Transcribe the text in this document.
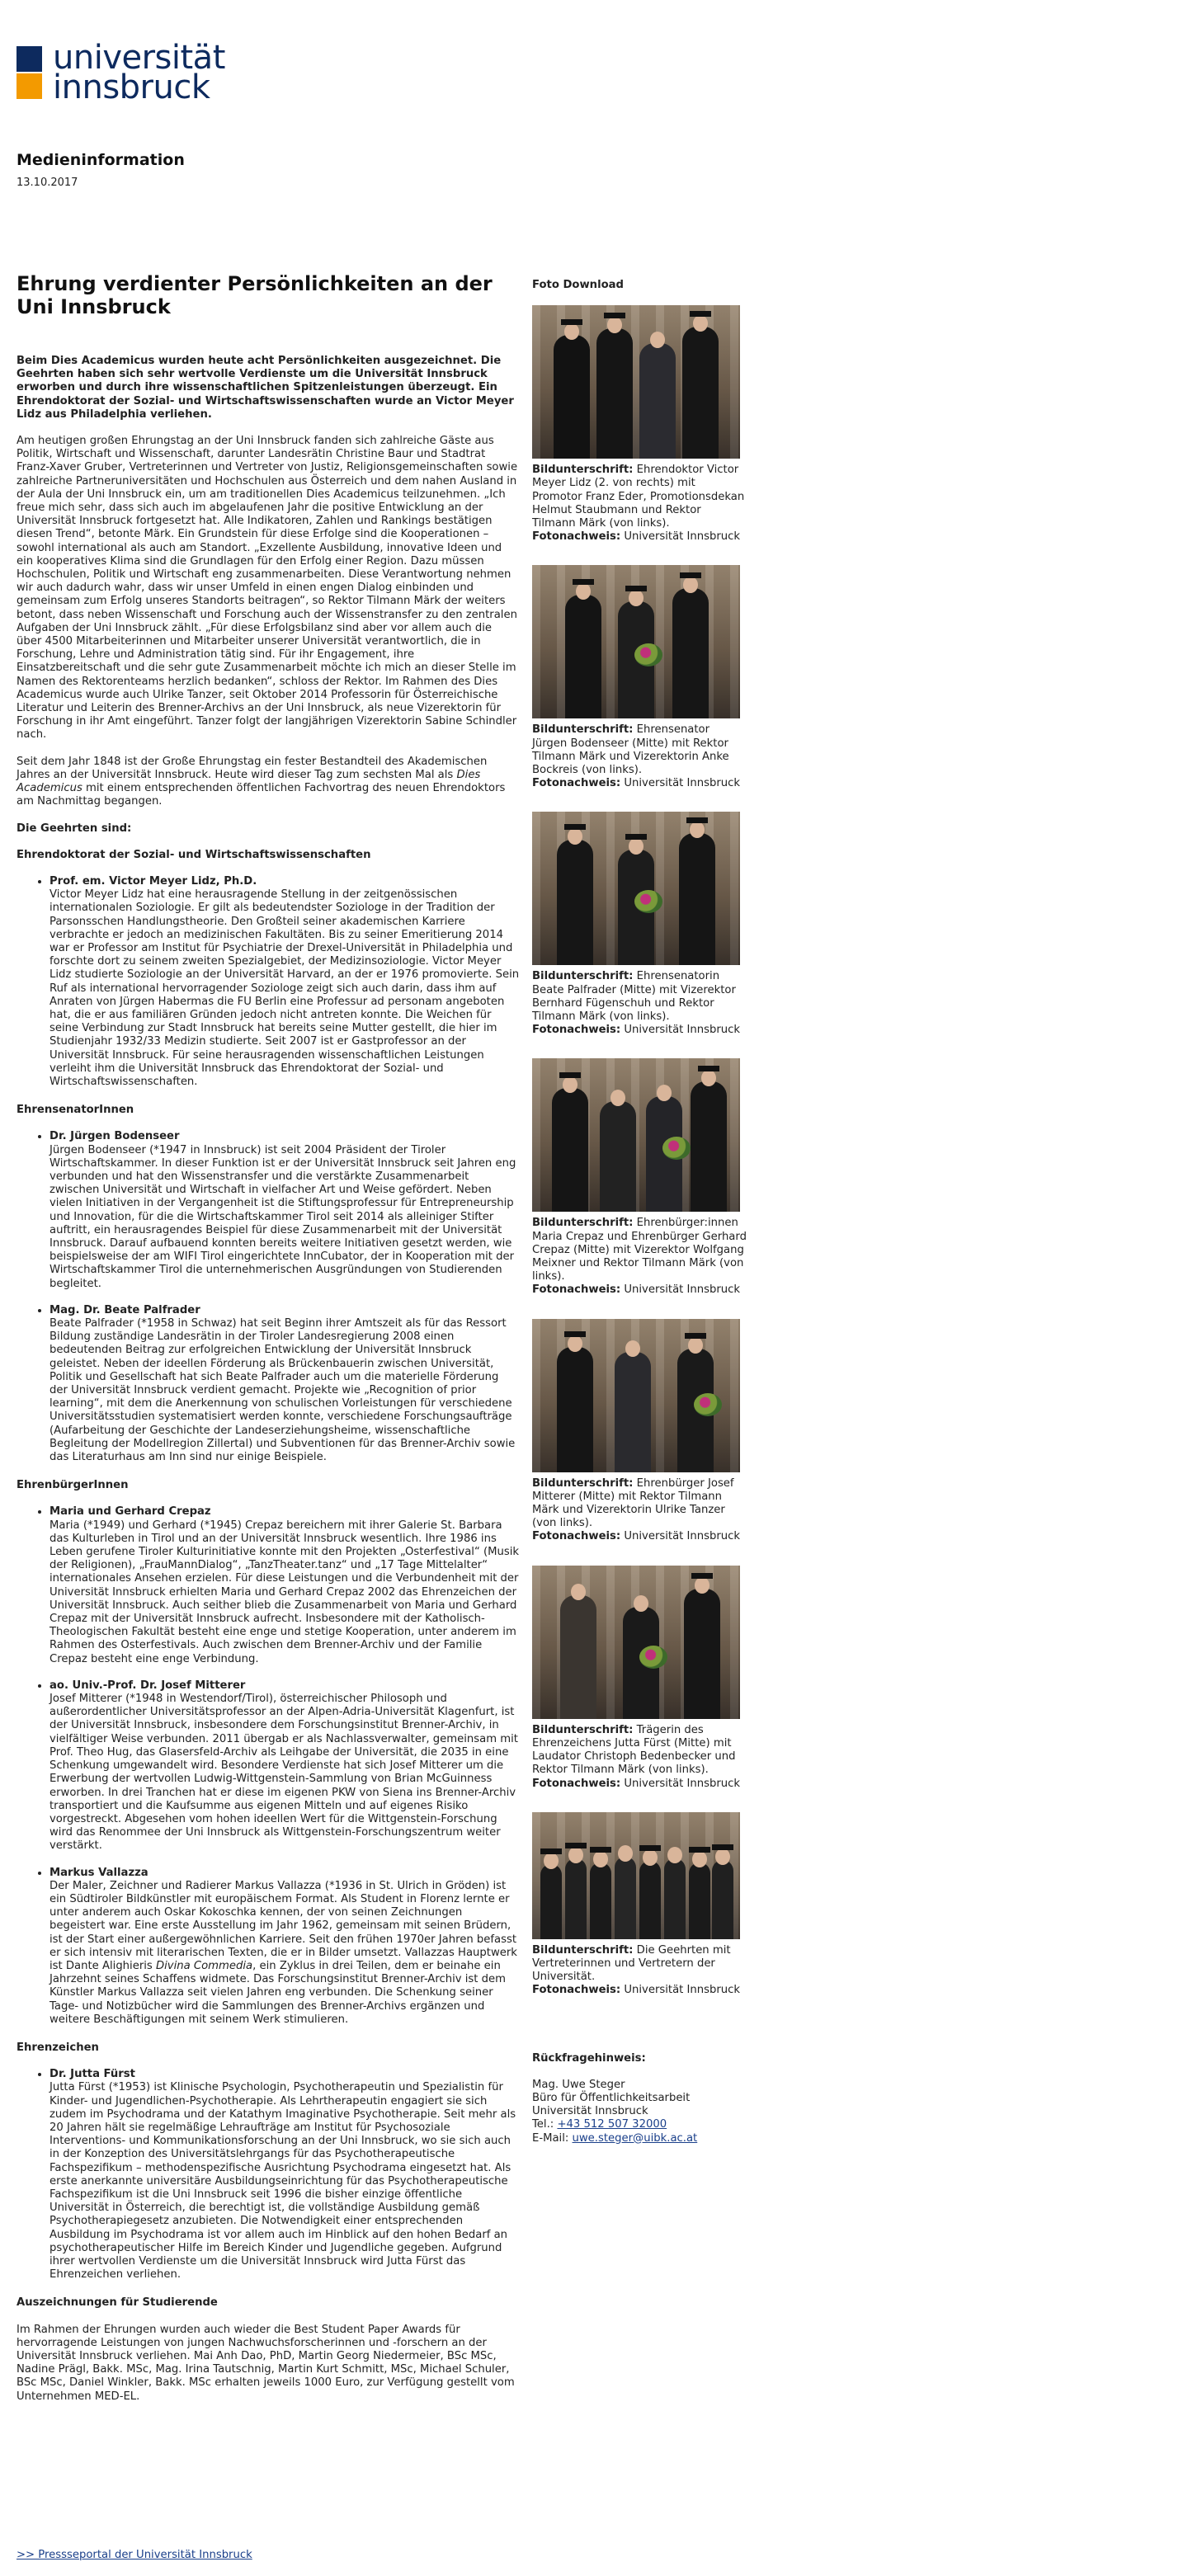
universität
innsbruck
Medieninformation
13.10.2017
Ehrung verdienter Persönlichkeiten an der Uni Innsbruck

Beim Dies Academicus wurden heute acht Persönlichkeiten ausgezeichnet. Die Geehrten haben sich sehr wertvolle Verdienste um die Universität Innsbruck erworben und durch ihre wissenschaftlichen Spitzenleistungen überzeugt. Ein Ehrendoktorat der Sozial- und Wirtschaftswissenschaften wurde an Victor Meyer Lidz aus Philadelphia verliehen.

Am heutigen großen Ehrungstag an der Uni Innsbruck fanden sich zahlreiche Gäste aus Politik, Wirtschaft und Wissenschaft, darunter Landesrätin Christine Baur und Stadtrat Franz-Xaver Gruber, Vertreterinnen und Vertreter von Justiz, Religionsgemeinschaften sowie zahlreiche Partneruniversitäten und Hochschulen aus Österreich und dem nahen Ausland in der Aula der Uni Innsbruck ein, um am traditionellen Dies Academicus teilzunehmen. „Ich freue mich sehr, dass sich auch im abgelaufenen Jahr die positive Entwicklung an der Universität Innsbruck fortgesetzt hat. Alle Indikatoren, Zahlen und Rankings bestätigen diesen Trend“, betonte Märk. Ein Grundstein für diese Erfolge sind die Kooperationen – sowohl international als auch am Standort. „Exzellente Ausbildung, innovative Ideen und ein kooperatives Klima sind die Grundlagen für den Erfolg einer Region. Dazu müssen Hochschulen, Politik und Wirtschaft eng zusammenarbeiten. Diese Verantwortung nehmen wir auch dadurch wahr, dass wir unser Umfeld in einen engen Dialog einbinden und gemeinsam zum Erfolg unseres Standorts beitragen“, so Rektor Tilmann Märk der weiters betont, dass neben Wissenschaft und Forschung auch der Wissenstransfer zu den zentralen Aufgaben der Uni Innsbruck zählt. „Für diese Erfolgsbilanz sind aber vor allem auch die über 4500 Mitarbeiterinnen und Mitarbeiter unserer Universität verantwortlich, die in Forschung, Lehre und Administration tätig sind. Für ihr Engagement, ihre Einsatzbereitschaft und die sehr gute Zusammenarbeit möchte ich mich an dieser Stelle im Namen des Rektorenteams herzlich bedanken“, schloss der Rektor. Im Rahmen des Dies Academicus wurde auch Ulrike Tanzer, seit Oktober 2014 Professorin für Österreichische Literatur und Leiterin des Brenner-Archivs an der Uni Innsbruck, als neue Vizerektorin für Forschung in ihr Amt eingeführt. Tanzer folgt der langjährigen Vizerektorin Sabine Schindler nach.

Seit dem Jahr 1848 ist der Große Ehrungstag ein fester Bestandteil des Akademischen Jahres an der Universität Innsbruck. Heute wird dieser Tag zum sechsten Mal als Dies Academicus mit einem entsprechenden öffentlichen Fachvortrag des neuen Ehrendoktors am Nachmittag begangen.

Die Geehrten sind:
Ehrendoktorat der Sozial- und Wirtschaftswissenschaften
• Prof. em. Victor Meyer Lidz, Ph.D.
Victor Meyer Lidz hat eine herausragende Stellung in der zeitgenössischen internationalen Soziologie. Er gilt als bedeutendster Soziologe in der Tradition der Parsonsschen Handlungstheorie. Den Großteil seiner akademischen Karriere verbrachte er jedoch an medizinischen Fakultäten. Bis zu seiner Emeritierung 2014 war er Professor am Institut für Psychiatrie der Drexel-Universität in Philadelphia und forschte dort zu seinem zweiten Spezialgebiet, der Medizinsoziologie. Victor Meyer Lidz studierte Soziologie an der Universität Harvard, an der er 1976 promovierte. Sein Ruf als international hervorragender Soziologe zeigt sich auch darin, dass ihm auf Anraten von Jürgen Habermas die FU Berlin eine Professur ad personam angeboten hat, die er aus familiären Gründen jedoch nicht antreten konnte. Die Weichen für seine Verbindung zur Stadt Innsbruck hat bereits seine Mutter gestellt, die hier im Studienjahr 1932/33 Medizin studierte. Seit 2007 ist er Gastprofessor an der Universität Innsbruck. Für seine herausragenden wissenschaftlichen Leistungen verleiht ihm die Universität Innsbruck das Ehrendoktorat der Sozial- und Wirtschaftswissenschaften.
EhrensenatorInnen
• Dr. Jürgen Bodenseer
Jürgen Bodenseer (*1947 in Innsbruck) ist seit 2004 Präsident der Tiroler Wirtschaftskammer. In dieser Funktion ist er der Universität Innsbruck seit Jahren eng verbunden und hat den Wissenstransfer und die verstärkte Zusammenarbeit zwischen Universität und Wirtschaft in vielfacher Art und Weise gefördert. Neben vielen Initiativen in der Vergangenheit ist die Stiftungsprofessur für Entrepreneurship und Innovation, für die die Wirtschaftskammer Tirol seit 2014 als alleiniger Stifter auftritt, ein herausragendes Beispiel für diese Zusammenarbeit mit der Universität Innsbruck. Darauf aufbauend konnten bereits weitere Initiativen gesetzt werden, wie beispielsweise der am WIFI Tirol eingerichtete InnCubator, der in Kooperation mit der Wirtschaftskammer Tirol die unternehmerischen Ausgründungen von Studierenden begleitet.
• Mag. Dr. Beate Palfrader
Beate Palfrader (*1958 in Schwaz) hat seit Beginn ihrer Amtszeit als für das Ressort Bildung zuständige Landesrätin in der Tiroler Landesregierung 2008 einen bedeutenden Beitrag zur erfolgreichen Entwicklung der Universität Innsbruck geleistet. Neben der ideellen Förderung als Brückenbauerin zwischen Universität, Politik und Gesellschaft hat sich Beate Palfrader auch um die materielle Förderung der Universität Innsbruck verdient gemacht. Projekte wie „Recognition of prior learning“, mit dem die Anerkennung von schulischen Vorleistungen für verschiedene Universitätsstudien systematisiert werden konnte, verschiedene Forschungsaufträge (Aufarbeitung der Geschichte der Landeserziehungsheime, wissenschaftliche Begleitung der Modellregion Zillertal) und Subventionen für das Brenner-Archiv sowie das Literaturhaus am Inn sind nur einige Beispiele.
EhrenbürgerInnen
• Maria und Gerhard Crepaz
Maria (*1949) und Gerhard (*1945) Crepaz bereichern mit ihrer Galerie St. Barbara das Kulturleben in Tirol und an der Universität Innsbruck wesentlich. Ihre 1986 ins Leben gerufene Tiroler Kulturinitiative konnte mit den Projekten „Osterfestival“ (Musik der Religionen), „FrauMannDialog“, „TanzTheater.tanz“ und „17 Tage Mittelalter“ internationales Ansehen erzielen. Für diese Leistungen und die Verbundenheit mit der Universität Innsbruck erhielten Maria und Gerhard Crepaz 2002 das Ehrenzeichen der Universität Innsbruck. Auch seither blieb die Zusammenarbeit von Maria und Gerhard Crepaz mit der Universität Innsbruck aufrecht. Insbesondere mit der Katholisch-Theologischen Fakultät besteht eine enge und stetige Kooperation, unter anderem im Rahmen des Osterfestivals. Auch zwischen dem Brenner-Archiv und der Familie Crepaz besteht eine enge Verbindung.
• ao. Univ.-Prof. Dr. Josef Mitterer
Josef Mitterer (*1948 in Westendorf/Tirol), österreichischer Philosoph und außerordentlicher Universitätsprofessor an der Alpen-Adria-Universität Klagenfurt, ist der Universität Innsbruck, insbesondere dem Forschungsinstitut Brenner-Archiv, in vielfältiger Weise verbunden. 2011 übergab er als Nachlassverwalter, gemeinsam mit Prof. Theo Hug, das Glasersfeld-Archiv als Leihgabe der Universität, die 2035 in eine Schenkung umgewandelt wird. Besondere Verdienste hat sich Josef Mitterer um die Erwerbung der wertvollen Ludwig-Wittgenstein-Sammlung von Brian McGuinness erworben. In drei Tranchen hat er diese im eigenen PKW von Siena ins Brenner-Archiv transportiert und die Kaufsumme aus eigenen Mitteln und auf eigenes Risiko vorgestreckt. Abgesehen vom hohen ideellen Wert für die Wittgenstein-Forschung wird das Renommee der Uni Innsbruck als Wittgenstein-Forschungszentrum weiter verstärkt.
• Markus Vallazza
Der Maler, Zeichner und Radierer Markus Vallazza (*1936 in St. Ulrich in Gröden) ist ein Südtiroler Bildkünstler mit europäischem Format. Als Student in Florenz lernte er unter anderem auch Oskar Kokoschka kennen, der von seinen Zeichnungen begeistert war. Eine erste Ausstellung im Jahr 1962, gemeinsam mit seinen Brüdern, ist der Start einer außergewöhnlichen Karriere. Seit den frühen 1970er Jahren befasst er sich intensiv mit literarischen Texten, die er in Bilder umsetzt. Vallazzas Hauptwerk ist Dante Alighieris Divina Commedia, ein Zyklus in drei Teilen, dem er beinahe ein Jahrzehnt seines Schaffens widmete. Das Forschungsinstitut Brenner-Archiv ist dem Künstler Markus Vallazza seit vielen Jahren eng verbunden. Die Schenkung seiner Tage- und Notizbücher wird die Sammlungen des Brenner-Archivs ergänzen und weitere Beschäftigungen mit seinem Werk stimulieren.
Ehrenzeichen
• Dr. Jutta Fürst
Jutta Fürst (*1953) ist Klinische Psychologin, Psychotherapeutin und Spezialistin für Kinder- und Jugendlichen-Psychotherapie. Als Lehrtherapeutin engagiert sie sich zudem im Psychodrama und der Katathym Imaginative Psychotherapie. Seit mehr als 20 Jahren hält sie regelmäßige Lehraufträge am Institut für Psychosoziale Interventions- und Kommunikationsforschung an der Uni Innsbruck, wo sie sich auch in der Konzeption des Universitätslehrgangs für das Psychotherapeutische Fachspezifikum – methodenspezifische Ausrichtung Psychodrama eingesetzt hat. Als erste anerkannte universitäre Ausbildungseinrichtung für das Psychotherapeutische Fachspezifikum ist die Uni Innsbruck seit 1996 die bisher einzige öffentliche Universität in Österreich, die berechtigt ist, die vollständige Ausbildung gemäß Psychotherapiegesetz anzubieten. Die Notwendigkeit einer entsprechenden Ausbildung im Psychodrama ist vor allem auch im Hinblick auf den hohen Bedarf an psychotherapeutischer Hilfe im Bereich Kinder und Jugendliche gegeben. Aufgrund ihrer wertvollen Verdienste um die Universität Innsbruck wird Jutta Fürst das Ehrenzeichen verliehen.
Auszeichnungen für Studierende

Im Rahmen der Ehrungen wurden auch wieder die Best Student Paper Awards für hervorragende Leistungen von jungen Nachwuchsforscherinnen und -forschern an der Universität Innsbruck verliehen. Mai Anh Dao, PhD, Martin Georg Niedermeier, BSc MSc, Nadine Prägl, Bakk. MSc, Mag. Irina Tautschnig, Martin Kurt Schmitt, MSc, Michael Schuler, BSc MSc, Daniel Winkler, Bakk. MSc erhalten jeweils 1000 Euro, zur Verfügung gestellt vom Unternehmen MED-EL.

>> Pressseportal der Universität Innsbruck
Foto Download
Bildunterschrift: Ehrendoktor Victor Meyer Lidz (2. von rechts) mit Promotor Franz Eder, Promotionsdekan Helmut Staubmann und Rektor Tilmann Märk (von links).
Fotonachweis: Universität Innsbruck
Bildunterschrift: Ehrensenator Jürgen Bodenseer (Mitte) mit Rektor Tilmann Märk und Vizerektorin Anke Bockreis (von links).
Fotonachweis: Universität Innsbruck
Bildunterschrift: Ehrensenatorin Beate Palfrader (Mitte) mit Vizerektor Bernhard Fügenschuh und Rektor Tilmann Märk (von links).
Fotonachweis: Universität Innsbruck
Bildunterschrift: Ehrenbürger:innen Maria Crepaz und Ehrenbürger Gerhard Crepaz (Mitte) mit Vizerektor Wolfgang Meixner und Rektor Tilmann Märk (von links).
Fotonachweis: Universität Innsbruck
Bildunterschrift: Ehrenbürger Josef Mitterer (Mitte) mit Rektor Tilmann Märk und Vizerektorin Ulrike Tanzer (von links).
Fotonachweis: Universität Innsbruck
Bildunterschrift: Trägerin des Ehrenzeichens Jutta Fürst (Mitte) mit Laudator Christoph Bedenbecker und Rektor Tilmann Märk (von links).
Fotonachweis: Universität Innsbruck
Bildunterschrift: Die Geehrten mit Vertreterinnen und Vertretern der Universität.
Fotonachweis: Universität Innsbruck
Rückfragehinweis:
Mag. Uwe Steger
Büro für Öffentlichkeitsarbeit
Universität Innsbruck
Tel.: +43 512 507 32000
E-Mail: uwe.steger@uibk.ac.at
